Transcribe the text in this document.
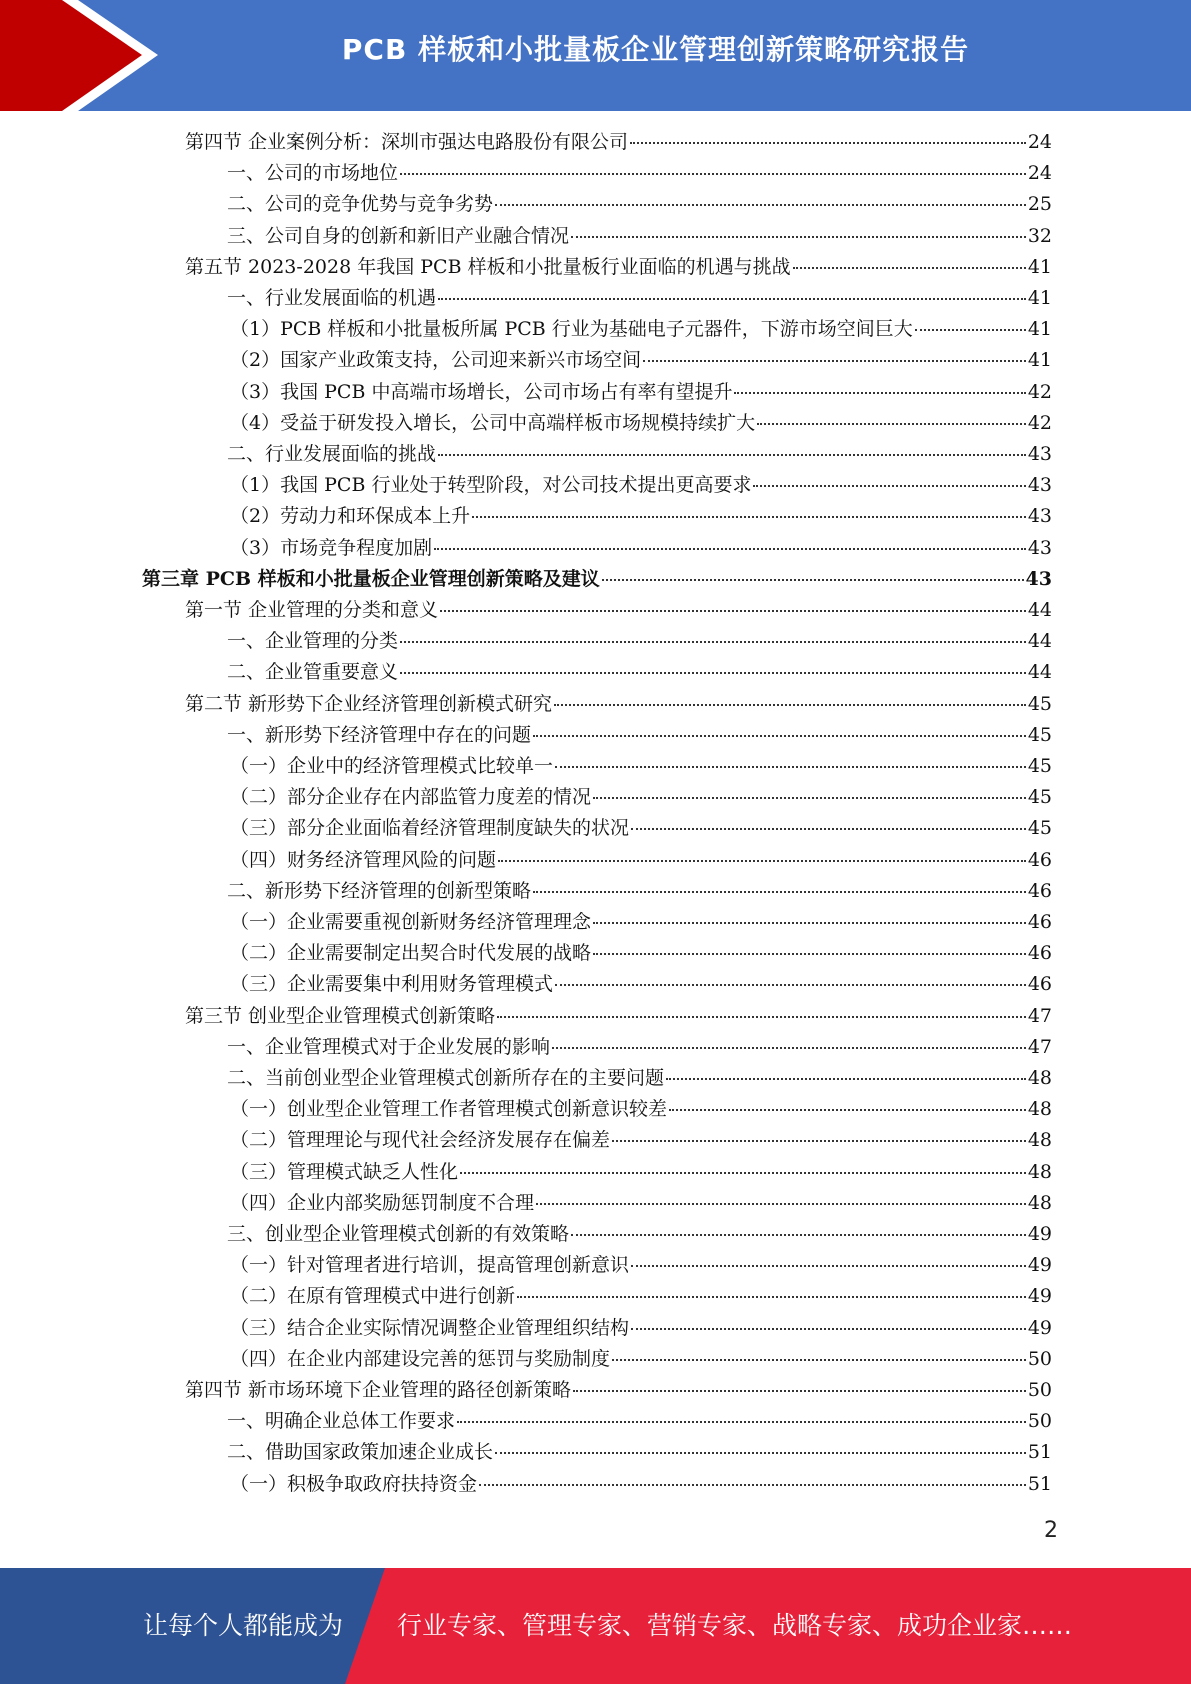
PCB 样板和小批量板企业管理创新策略研究报告
第四节 企业案例分析：深圳市强达电路股份有限公司	24
一、公司的市场地位	24
二、公司的竞争优势与竞争劣势	25
三、公司自身的创新和新旧产业融合情况	32
第五节 2023-2028 年我国 PCB 样板和小批量板行业面临的机遇与挑战	41
一、行业发展面临的机遇	41
（1）PCB 样板和小批量板所属 PCB 行业为基础电子元器件，下游市场空间巨大	41
（2）国家产业政策支持，公司迎来新兴市场空间	41
（3）我国 PCB 中高端市场增长，公司市场占有率有望提升	42
（4）受益于研发投入增长，公司中高端样板市场规模持续扩大	42
二、行业发展面临的挑战	43
（1）我国 PCB 行业处于转型阶段，对公司技术提出更高要求	43
（2）劳动力和环保成本上升	43
（3）市场竞争程度加剧	43
第三章 PCB 样板和小批量板企业管理创新策略及建议	43
第一节 企业管理的分类和意义	44
一、企业管理的分类	44
二、企业管重要意义	44
第二节 新形势下企业经济管理创新模式研究	45
一、新形势下经济管理中存在的问题	45
（一）企业中的经济管理模式比较单一	45
（二）部分企业存在内部监管力度差的情况	45
（三）部分企业面临着经济管理制度缺失的状况	45
（四）财务经济管理风险的问题	46
二、新形势下经济管理的创新型策略	46
（一）企业需要重视创新财务经济管理理念	46
（二）企业需要制定出契合时代发展的战略	46
（三）企业需要集中利用财务管理模式	46
第三节 创业型企业管理模式创新策略	47
一、企业管理模式对于企业发展的影响	47
二、当前创业型企业管理模式创新所存在的主要问题	48
（一）创业型企业管理工作者管理模式创新意识较差	48
（二）管理理论与现代社会经济发展存在偏差	48
（三）管理模式缺乏人性化	48
（四）企业内部奖励惩罚制度不合理	48
三、创业型企业管理模式创新的有效策略	49
（一）针对管理者进行培训，提高管理创新意识	49
（二）在原有管理模式中进行创新	49
（三）结合企业实际情况调整企业管理组织结构	49
（四）在企业内部建设完善的惩罚与奖励制度	50
第四节 新市场环境下企业管理的路径创新策略	50
一、明确企业总体工作要求	50
二、借助国家政策加速企业成长	51
（一）积极争取政府扶持资金	51
2
让每个人都能成为 行业专家、管理专家、营销专家、战略专家、成功企业家……
